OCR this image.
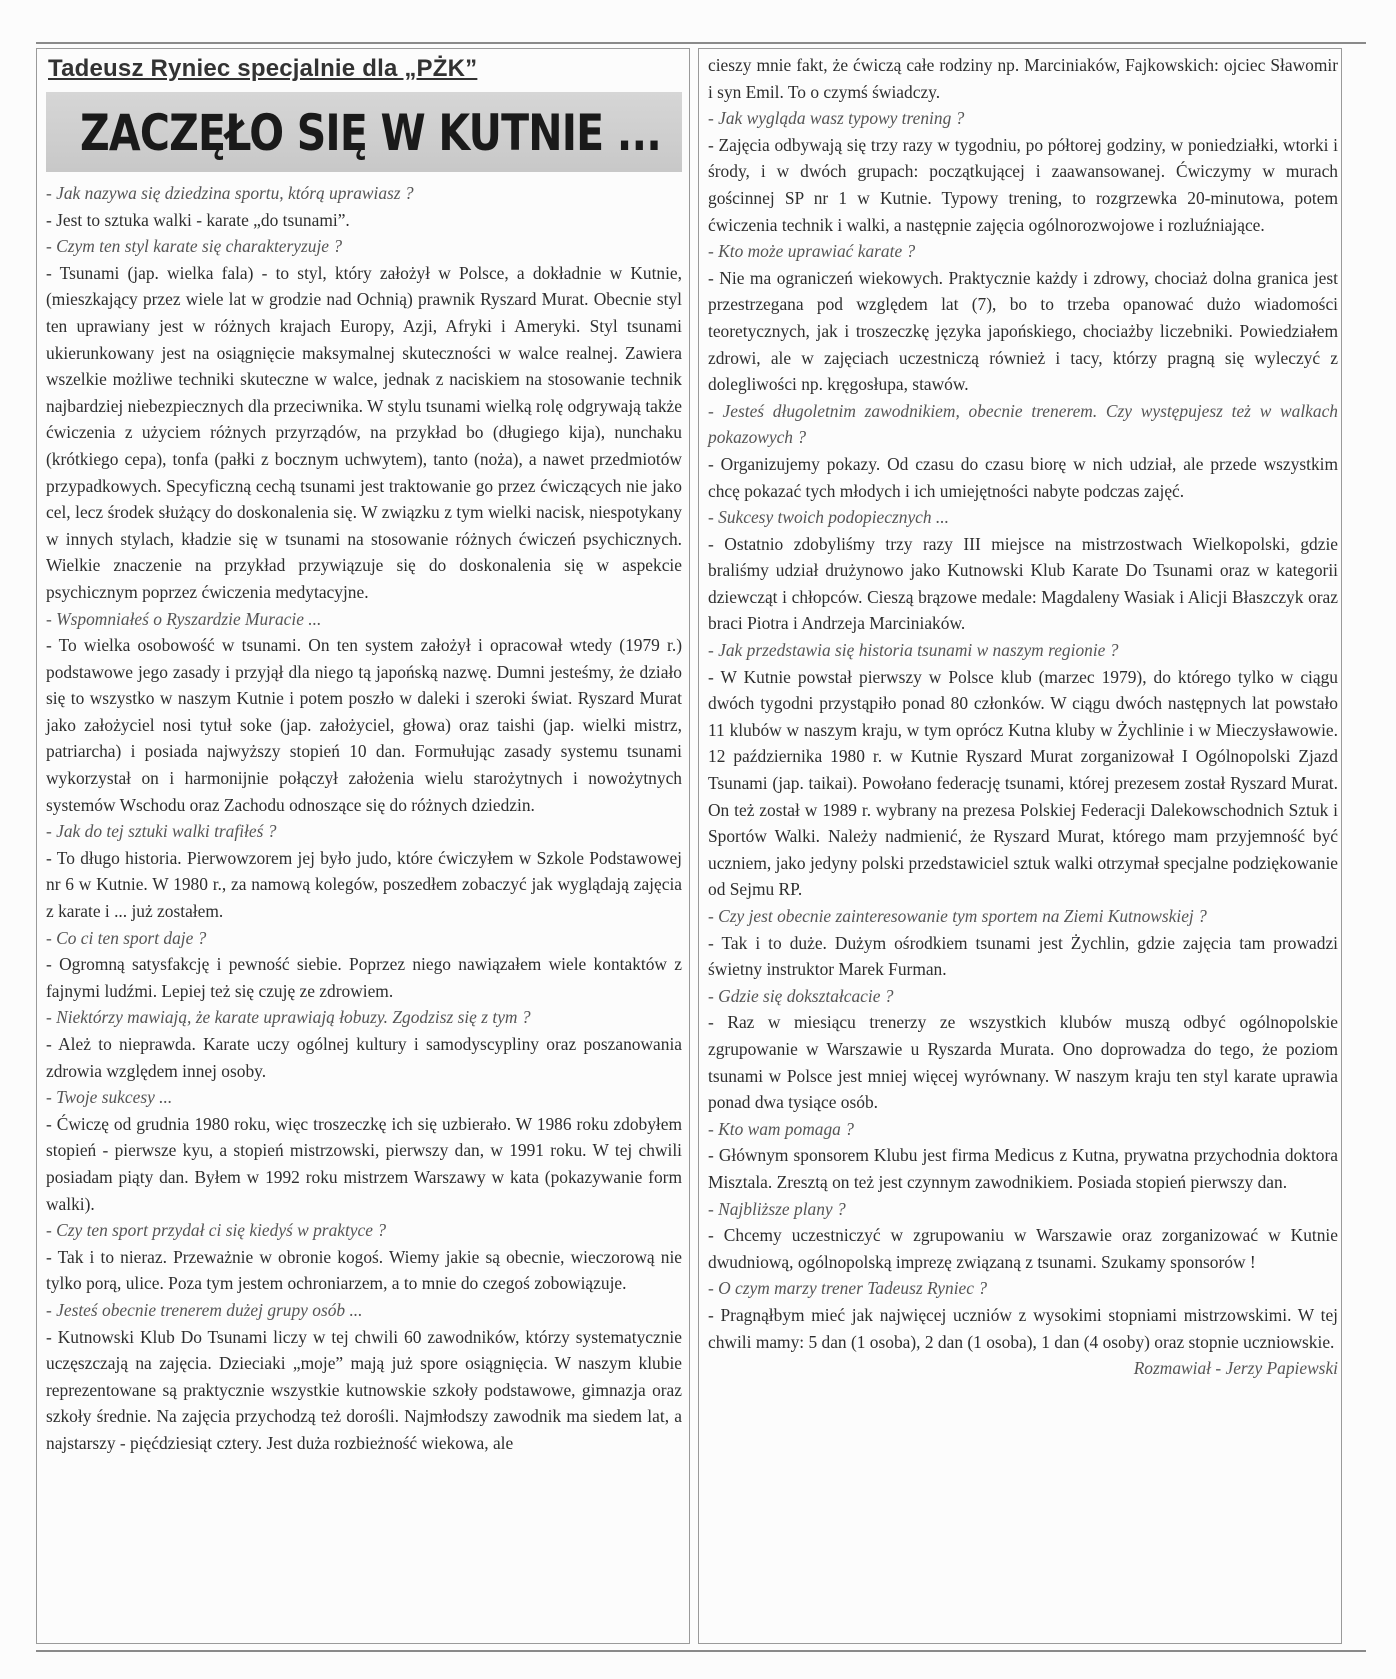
Tadeusz Ryniec specjalnie dla „PŻK”
ZACZĘŁO SIĘ W KUTNIE ...

- Jak nazywa się dziedzina sportu, którą uprawiasz ?

- Jest to sztuka walki - karate „do tsunami”.

- Czym ten styl karate się charakteryzuje ?

- Tsunami (jap. wielka fala) - to styl, który założył w Polsce, a dokładnie w Kutnie, (mieszkający przez wiele lat w grodzie nad Ochnią) prawnik Ryszard Murat. Obecnie styl ten uprawiany jest w różnych krajach Europy, Azji, Afryki i Ameryki. Styl tsunami ukierunkowany jest na osiągnięcie maksymalnej skuteczności w walce realnej. Zawiera wszelkie możliwe techniki skuteczne w walce, jednak z naciskiem na stosowanie technik najbardziej niebezpiecznych dla przeciwnika. W stylu tsunami wielką rolę odgrywają także ćwiczenia z użyciem różnych przyrządów, na przykład bo (długiego kija), nunchaku (krótkiego cepa), tonfa (pałki z bocznym uchwytem), tanto (noża), a nawet przedmiotów przypadkowych. Specyficzną cechą tsunami jest traktowanie go przez ćwiczących nie jako cel, lecz środek służący do doskonalenia się. W związku z tym wielki nacisk, niespotykany w innych stylach, kładzie się w tsunami na stosowanie różnych ćwiczeń psychicznych. Wielkie znaczenie na przykład przywiązuje się do doskonalenia się w aspekcie psychicznym poprzez ćwiczenia medytacyjne.

- Wspomniałeś o Ryszardzie Muracie ...

- To wielka osobowość w tsunami. On ten system założył i opracował wtedy (1979 r.) podstawowe jego zasady i przyjął dla niego tą japońską nazwę. Dumni jesteśmy, że działo się to wszystko w naszym Kutnie i potem poszło w daleki i szeroki świat. Ryszard Murat jako założyciel nosi tytuł soke (jap. założyciel, głowa) oraz taishi (jap. wielki mistrz, patriarcha) i posiada najwyższy stopień 10 dan. Formułując zasady systemu tsunami wykorzystał on i harmonijnie połączył założenia wielu starożytnych i nowożytnych systemów Wschodu oraz Zachodu odnoszące się do różnych dziedzin.

- Jak do tej sztuki walki trafiłeś ?

- To długo historia. Pierwowzorem jej było judo, które ćwiczyłem w Szkole Podstawowej nr 6 w Kutnie. W 1980 r., za namową kolegów, poszedłem zobaczyć jak wyglądają zajęcia z karate i ... już zostałem.

- Co ci ten sport daje ?

- Ogromną satysfakcję i pewność siebie. Poprzez niego nawiązałem wiele kontaktów z fajnymi ludźmi. Lepiej też się czuję ze zdrowiem.

- Niektórzy mawiają, że karate uprawiają łobuzy. Zgodzisz się z tym ?

- Ależ to nieprawda. Karate uczy ogólnej kultury i samodyscypliny oraz poszanowania zdrowia względem innej osoby.

- Twoje sukcesy ...

- Ćwiczę od grudnia 1980 roku, więc troszeczkę ich się uzbierało. W 1986 roku zdobyłem stopień - pierwsze kyu, a stopień mistrzowski, pierwszy dan, w 1991 roku. W tej chwili posiadam piąty dan. Byłem w 1992 roku mistrzem Warszawy w kata (pokazywanie form walki).

- Czy ten sport przydał ci się kiedyś w praktyce ?

- Tak i to nieraz. Przeważnie w obronie kogoś. Wiemy jakie są obecnie, wieczorową nie tylko porą, ulice. Poza tym jestem ochroniarzem, a to mnie do czegoś zobowiązuje.

- Jesteś obecnie trenerem dużej grupy osób ...

- Kutnowski Klub Do Tsunami liczy w tej chwili 60 zawodników, którzy systematycznie uczęszczają na zajęcia. Dzieciaki „moje” mają już spore osiągnięcia. W naszym klubie reprezentowane są praktycznie wszystkie kutnowskie szkoły podstawowe, gimnazja oraz szkoły średnie. Na zajęcia przychodzą też dorośli. Najmłodszy zawodnik ma siedem lat, a najstarszy - pięćdziesiąt cztery. Jest duża rozbieżność wiekowa, ale

cieszy mnie fakt, że ćwiczą całe rodziny np. Marciniaków, Fajkowskich: ojciec Sławomir i syn Emil. To o czymś świadczy.

- Jak wygląda wasz typowy trening ?

- Zajęcia odbywają się trzy razy w tygodniu, po półtorej godziny, w poniedziałki, wtorki i środy, i w dwóch grupach: początkującej i zaawansowanej. Ćwiczymy w murach gościnnej SP nr 1 w Kutnie. Typowy trening, to rozgrzewka 20-minutowa, potem ćwiczenia technik i walki, a następnie zajęcia ogólnorozwojowe i rozluźniające.

- Kto może uprawiać karate ?

- Nie ma ograniczeń wiekowych. Praktycznie każdy i zdrowy, chociaż dolna granica jest przestrzegana pod względem lat (7), bo to trzeba opanować dużo wiadomości teoretycznych, jak i troszeczkę języka japońskiego, chociażby liczebniki. Powiedziałem zdrowi, ale w zajęciach uczestniczą również i tacy, którzy pragną się wyleczyć z dolegliwości np. kręgosłupa, stawów.

- Jesteś długoletnim zawodnikiem, obecnie trenerem. Czy występujesz też w walkach pokazowych ?

- Organizujemy pokazy. Od czasu do czasu biorę w nich udział, ale przede wszystkim chcę pokazać tych młodych i ich umiejętności nabyte podczas zajęć.

- Sukcesy twoich podopiecznych ...

- Ostatnio zdobyliśmy trzy razy III miejsce na mistrzostwach Wielkopolski, gdzie braliśmy udział drużynowo jako Kutnowski Klub Karate Do Tsunami oraz w kategorii dziewcząt i chłopców. Cieszą brązowe medale: Magdaleny Wasiak i Alicji Błaszczyk oraz braci Piotra i Andrzeja Marciniaków.

- Jak przedstawia się historia tsunami w naszym regionie ?

- W Kutnie powstał pierwszy w Polsce klub (marzec 1979), do którego tylko w ciągu dwóch tygodni przystąpiło ponad 80 członków. W ciągu dwóch następnych lat powstało 11 klubów w naszym kraju, w tym oprócz Kutna kluby w Żychlinie i w Mieczysławowie. 12 października 1980 r. w Kutnie Ryszard Murat zorganizował I Ogólnopolski Zjazd Tsunami (jap. taikai). Powołano federację tsunami, której prezesem został Ryszard Murat. On też został w 1989 r. wybrany na prezesa Polskiej Federacji Dalekowschodnich Sztuk i Sportów Walki. Należy nadmienić, że Ryszard Murat, którego mam przyjemność być uczniem, jako jedyny polski przedstawiciel sztuk walki otrzymał specjalne podziękowanie od Sejmu RP.

- Czy jest obecnie zainteresowanie tym sportem na Ziemi Kutnowskiej ?

- Tak i to duże. Dużym ośrodkiem tsunami jest Żychlin, gdzie zajęcia tam prowadzi świetny instruktor Marek Furman.

- Gdzie się dokształcacie ?

- Raz w miesiącu trenerzy ze wszystkich klubów muszą odbyć ogólnopolskie zgrupowanie w Warszawie u Ryszarda Murata. Ono doprowadza do tego, że poziom tsunami w Polsce jest mniej więcej wyrównany. W naszym kraju ten styl karate uprawia ponad dwa tysiące osób.

- Kto wam pomaga ?

- Głównym sponsorem Klubu jest firma Medicus z Kutna, prywatna przychodnia doktora Misztala. Zresztą on też jest czynnym zawodnikiem. Posiada stopień pierwszy dan.

- Najbliższe plany ?

- Chcemy uczestniczyć w zgrupowaniu w Warszawie oraz zorganizować w Kutnie dwudniową, ogólnopolską imprezę związaną z tsunami. Szukamy sponsorów !

- O czym marzy trener Tadeusz Ryniec ?

- Pragnąłbym mieć jak najwięcej uczniów z wysokimi stopniami mistrzowskimi. W tej chwili mamy: 5 dan (1 osoba), 2 dan (1 osoba), 1 dan (4 osoby) oraz stopnie uczniowskie.

Rozmawiał - Jerzy Papiewski
